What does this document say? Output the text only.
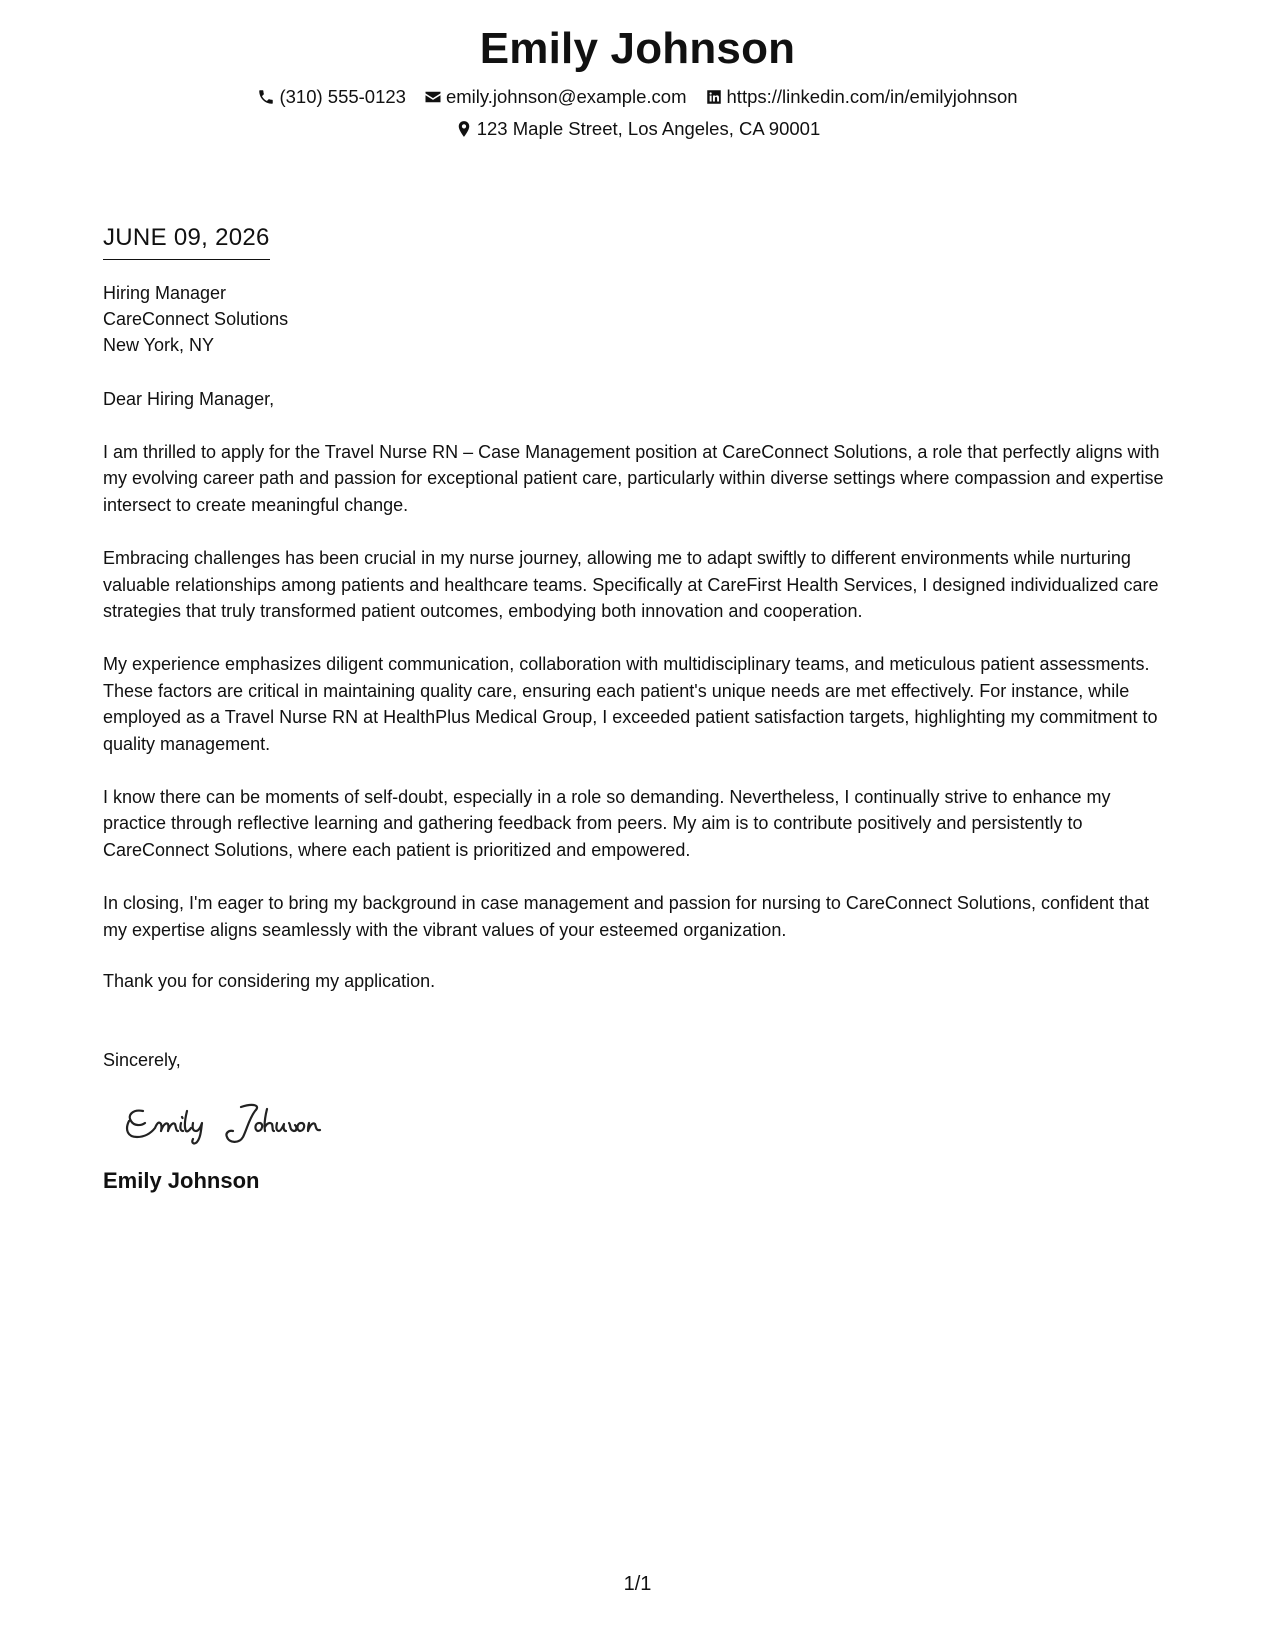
Emily Johnson
(310) 555-0123 emily.johnson@example.com https://linkedin.com/in/emilyjohnson
123 Maple Street, Los Angeles, CA 90001
JUNE 09, 2026
Hiring Manager
CareConnect Solutions
New York, NY
Dear Hiring Manager,

I am thrilled to apply for the Travel Nurse RN – Case Management position at CareConnect Solutions, a role that perfectly aligns with my evolving career path and passion for exceptional patient care, particularly within diverse settings where compassion and expertise intersect to create meaningful change.

Embracing challenges has been crucial in my nurse journey, allowing me to adapt swiftly to different environments while nurturing valuable relationships among patients and healthcare teams. Specifically at CareFirst Health Services, I designed individualized care strategies that truly transformed patient outcomes, embodying both innovation and cooperation.

My experience emphasizes diligent communication, collaboration with multidisciplinary teams, and meticulous patient assessments. These factors are critical in maintaining quality care, ensuring each patient's unique needs are met effectively. For instance, while employed as a Travel Nurse RN at HealthPlus Medical Group, I exceeded patient satisfaction targets, highlighting my commitment to quality management.

I know there can be moments of self-doubt, especially in a role so demanding. Nevertheless, I continually strive to enhance my practice through reflective learning and gathering feedback from peers. My aim is to contribute positively and persistently to CareConnect Solutions, where each patient is prioritized and empowered.

In closing, I'm eager to bring my background in case management and passion for nursing to CareConnect Solutions, confident that my expertise aligns seamlessly with the vibrant values of your esteemed organization.

Thank you for considering my application.
Sincerely,
Emily Johnson
1/1
